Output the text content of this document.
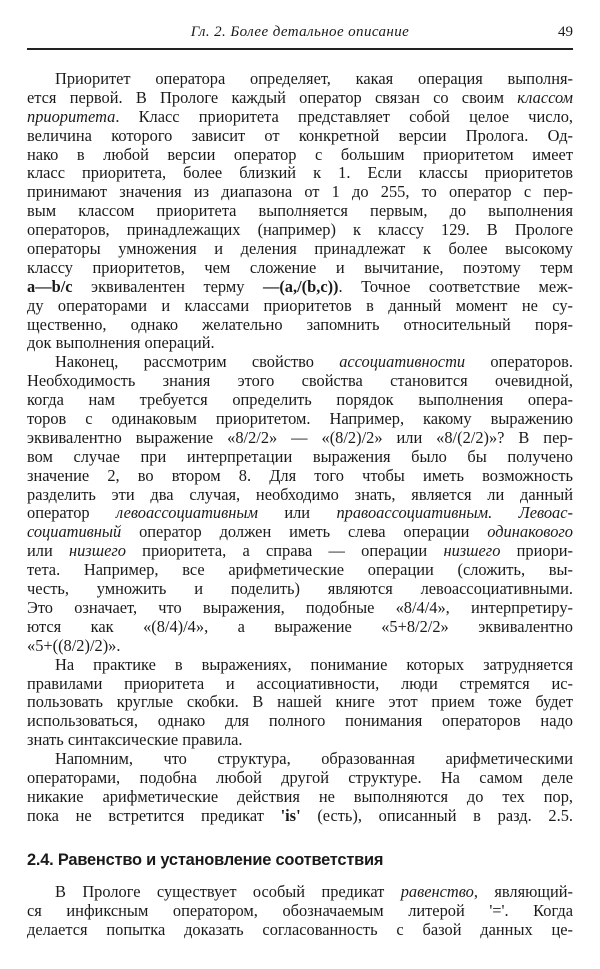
Гл. 2. Более детальное описание	49
Приоритет оператора определяет, какая операция выполня-
ется первой. В Прологе каждый оператор связан со своим классом
приоритета. Класс приоритета представляет собой целое число,
величина которого зависит от конкретной версии Пролога. Од-
нако в любой версии оператор с большим приоритетом имеет
класс приоритета, более близкий к 1. Если классы приоритетов
принимают значения из диапазона от 1 до 255, то оператор с пер-
вым классом приоритета выполняется первым, до выполнения
операторов, принадлежащих (например) к классу 129. В Прологе
операторы умножения и деления принадлежат к более высокому
классу приоритетов, чем сложение и вычитание, поэтому терм
a—b/c эквивалентен терму —(a,/(b,c)). Точное соответствие меж-
ду операторами и классами приоритетов в данный момент не су-
щественно, однако желательно запомнить относительный поря-
док выполнения операций.
Наконец, рассмотрим свойство ассоциативности операторов.
Необходимость знания этого свойства становится очевидной,
когда нам требуется определить порядок выполнения опера-
торов с одинаковым приоритетом. Например, какому выражению
эквивалентно выражение «8/2/2» — «(8/2)/2» или «8/(2/2)»? В пер-
вом случае при интерпретации выражения было бы получено
значение 2, во втором 8. Для того чтобы иметь возможность
разделить эти два случая, необходимо знать, является ли данный
оператор левоассоциативным или правоассоциативным. Левоас-
социативный оператор должен иметь слева операции одинакового
или низшего приоритета, а справа — операции низшего приори-
тета. Например, все арифметические операции (сложить, вы-
честь, умножить и поделить) являются левоассоциативными.
Это означает, что выражения, подобные «8/4/4», интерпретиру-
ются как «(8/4)/4», а выражение «5+8/2/2» эквивалентно
«5+((8/2)/2)».
На практике в выражениях, понимание которых затрудняется
правилами приоритета и ассоциативности, люди стремятся ис-
пользовать круглые скобки. В нашей книге этот прием тоже будет
использоваться, однако для полного понимания операторов надо
знать синтаксические правила.
Напомним, что структура, образованная арифметическими
операторами, подобна любой другой структуре. На самом деле
никакие арифметические действия не выполняются до тех пор,
пока не встретится предикат 'is' (есть), описанный в разд. 2.5.
2.4. Равенство и установление соответствия
В Прологе существует особый предикат равенство, являющий-
ся инфиксным оператором, обозначаемым литерой '='. Когда
делается попытка доказать согласованность с базой данных це-
